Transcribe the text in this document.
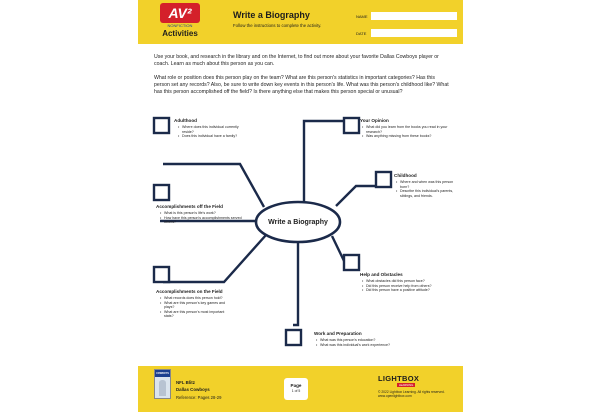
AV²
NONFICTION
Activities
Write a Biography
Follow the instructions to complete the activity.
NAME
DATE
Use your book, and research in the library and on the Internet, to find out more about your favorite Dallas Cowboys player or coach. Learn as much about this person as you can.
What role or position does this person play on the team? What are this person's statistics in important categories? Has this person set any records? Also, be sure to write down key events in this person's life. What was this person's childhood like? What has this person accomplished off the field? Is there anything else that makes this person special or unusual?
Write a Biography
Adulthood
• Where does this individual currently reside?
• Does this individual have a family?
Your Opinion
• What did you learn from the books you read in your research?
• Was anything missing from these books?
Childhood
• Where and when was this person born?
• Describe this individual's parents, siblings, and friends.
Accomplishments off the Field
• What is this person's life's work?
• How have this person's accomplishments served others?
Help and Obstacles
• What obstacles did this person face?
• Did this person receive help from others?
• Did this person have a positive attitude?
Accomplishments on the Field
• What records does this person hold?
• What are this person's key games and plays?
• What are this person's most important stats?
Work and Preparation
• What was this person's education?
• What was this individual's work experience?
COWBOYS
NFL Blitz
Dallas Cowboys
Reference: Pages 28-29
Page
1 of 5
LIGHTBOX
LEARNING
© 2022 Lightbox Learning. All rights reserved.
www.openlightbox.com
